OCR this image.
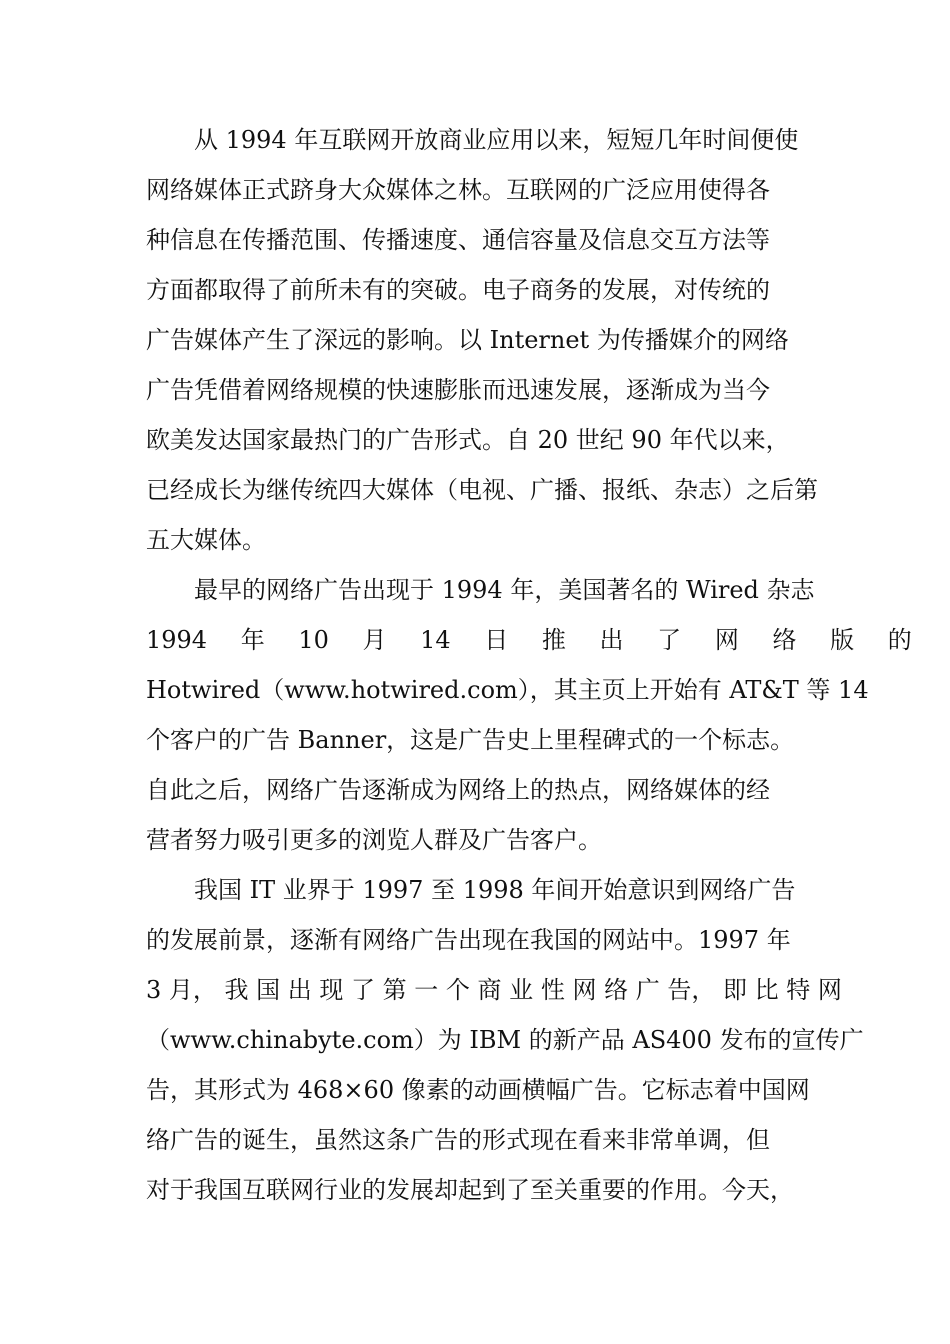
从 1994 年互联网开放商业应用以来，短短几年时间便使
网络媒体正式跻身大众媒体之林。互联网的广泛应用使得各
种信息在传播范围、传播速度、通信容量及信息交互方法等
方面都取得了前所未有的突破。电子商务的发展，对传统的
广告媒体产生了深远的影响。以 Internet 为传播媒介的网络
广告凭借着网络规模的快速膨胀而迅速发展，逐渐成为当今
欧美发达国家最热门的广告形式。自 20 世纪 90 年代以来，
已经成长为继传统四大媒体（电视、广播、报纸、杂志）之后第
五大媒体。
最早的网络广告出现于 1994 年，美国著名的 Wired 杂志
1994 年 10 月 14 日 推 出 了 网 络 版 的
Hotwired（www.hotwired.com），其主页上开始有 AT&T 等 14
个客户的广告 Banner，这是广告史上里程碑式的一个标志。
自此之后，网络广告逐渐成为网络上的热点，网络媒体的经
营者努力吸引更多的浏览人群及广告客户。
我国 IT 业界于 1997 至 1998 年间开始意识到网络广告
的发展前景，逐渐有网络广告出现在我国的网站中。1997 年
3 月， 我 国 出 现 了 第 一 个 商 业 性 网 络 广 告， 即 比 特 网
（www.chinabyte.com）为 IBM 的新产品 AS400 发布的宣传广
告，其形式为 468×60 像素的动画横幅广告。它标志着中国网
络广告的诞生，虽然这条广告的形式现在看来非常单调，但
对于我国互联网行业的发展却起到了至关重要的作用。今天，
